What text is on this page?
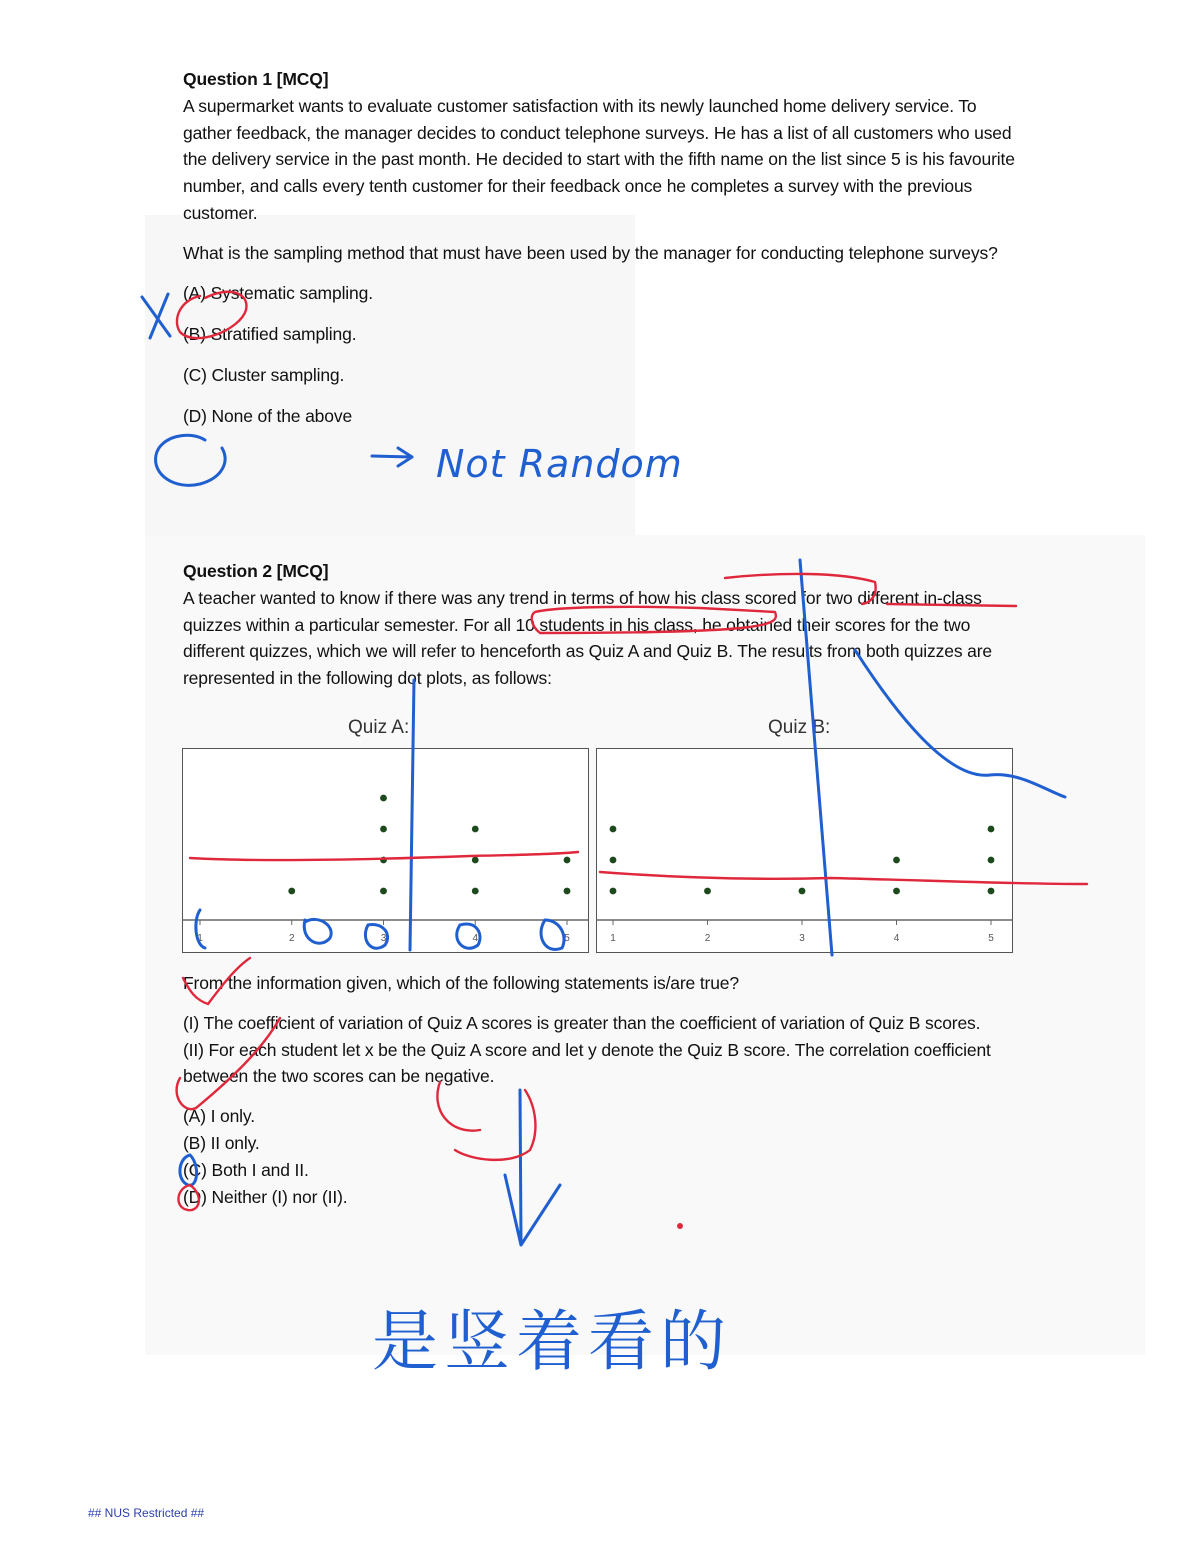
Question 1 [MCQ]

A supermarket wants to evaluate customer satisfaction with its newly launched home delivery service. To gather feedback, the manager decides to conduct telephone surveys. He has a list of all customers who used the delivery service in the past month. He decided to start with the fifth name on the list since 5 is his favourite number, and calls every tenth customer for their feedback once he completes a survey with the previous customer.

What is the sampling method that must have been used by the manager for conducting telephone surveys?

(A) Systematic sampling.
(B) Stratified sampling.
(C) Cluster sampling.
(D) None of the above
Question 2 [MCQ]

A teacher wanted to know if there was any trend in terms of how his class scored for two different in-class quizzes within a particular semester. For all 10 students in his class, he obtained their scores for the two different quizzes, which we will refer to henceforth as Quiz A and Quiz B. The results from both quizzes are represented in the following dot plots, as follows:

Quiz A:	Quiz B:
1	2	3	4	5	1	2	3	4	5

From the information given, which of the following statements is/are true?

(I) The coefficient of variation of Quiz A scores is greater than the coefficient of variation of Quiz B scores.

(II) For each student let x be the Quiz A score and let y denote the Quiz B score. The correlation coefficient between the two scores can be negative.

(A) I only.
(B) II only.
(C) Both I and II.
(D) Neither (I) nor (II).
Not Random
是竖着看的
## NUS Restricted ##
